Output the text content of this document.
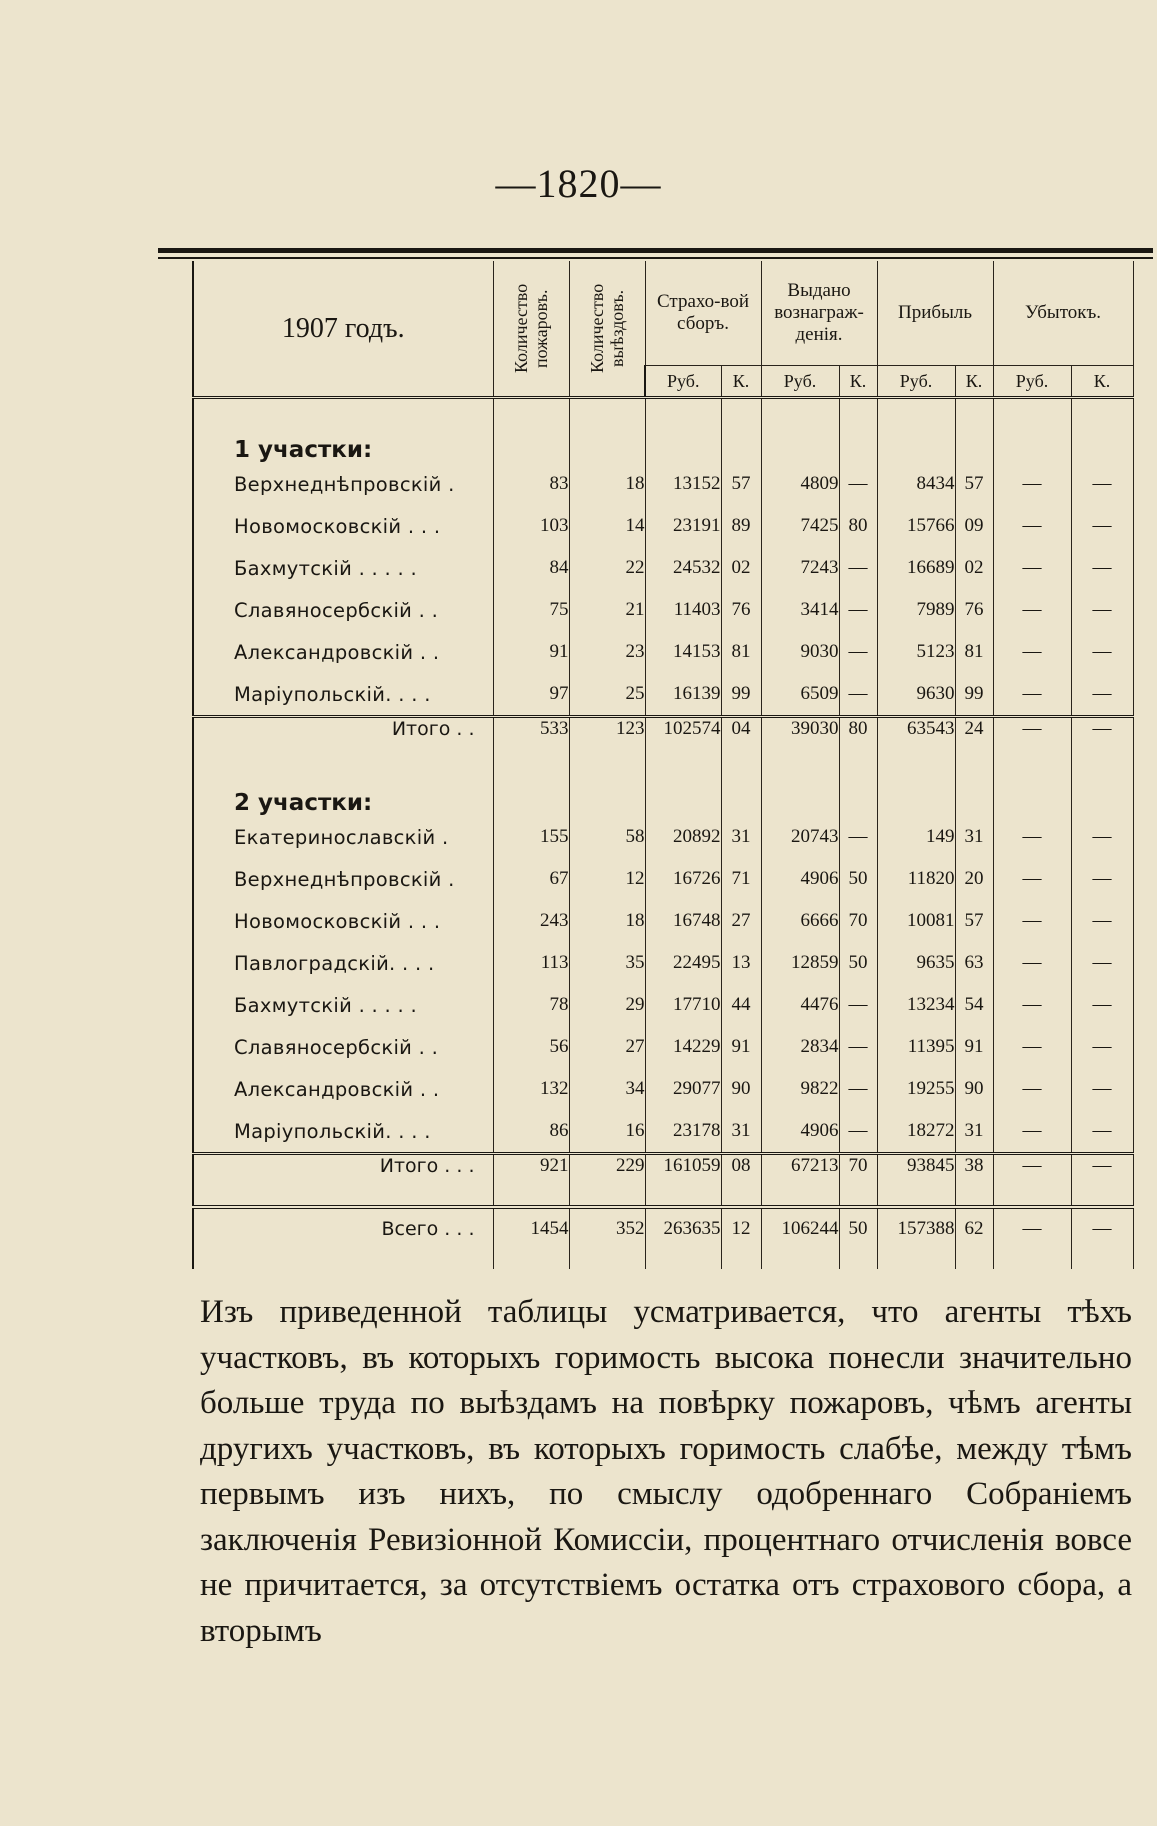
—1820—
1907 годъ.	Количество пожаровъ.	Количество выѣздовъ.	Страхо-вой сборъ.		Выдано вознаграж-денія.		Прибыль		Убытокъ.	
			Руб.	К.	Руб.	К.	Руб.	К.	Руб.	К.
1 участки:										
Верхнеднѣпровскій .	83	18	13152	57	4809	—	8434	57	—	—
Новомосковскій . . .	103	14	23191	89	7425	80	15766	09	—	—
Бахмутскій . . . . .	84	22	24532	02	7243	—	16689	02	—	—
Славяносербскій . .	75	21	11403	76	3414	—	7989	76	—	—
Александровскій . .	91	23	14153	81	9030	—	5123	81	—	—
Маріупольскій. . . .	97	25	16139	99	6509	—	9630	99	—	—
Итого . .	533	123	102574	04	39030	80	63543	24	—	—
2 участки:										
Екатеринославскій .	155	58	20892	31	20743	—	149	31	—	—
Верхнеднѣпровскій .	67	12	16726	71	4906	50	11820	20	—	—
Новомосковскій . . .	243	18	16748	27	6666	70	10081	57	—	—
Павлоградскій. . . .	113	35	22495	13	12859	50	9635	63	—	—
Бахмутскій . . . . .	78	29	17710	44	4476	—	13234	54	—	—
Славяносербскій . .	56	27	14229	91	2834	—	11395	91	—	—
Александровскій . .	132	34	29077	90	9822	—	19255	90	—	—
Маріупольскій. . . .	86	16	23178	31	4906	—	18272	31	—	—
Итого . . .	921	229	161059	08	67213	70	93845	38	—	—

Всего . . .	1454	352	263635	12	106244	50	157388	62	—	—

Изъ приведенной таблицы усматривается, что агенты тѣхъ участковъ, въ которыхъ горимость высока понесли значительно больше труда по выѣздамъ на повѣрку пожаровъ, чѣмъ агенты другихъ участковъ, въ которыхъ горимость слабѣе, между тѣмъ первымъ изъ нихъ, по смыслу одобреннаго Собраніемъ заключенія Ревизіонной Комиссіи, процентнаго отчисленія вовсе не причитается, за отсутствіемъ остатка отъ страхового сбора, а вторымъ
